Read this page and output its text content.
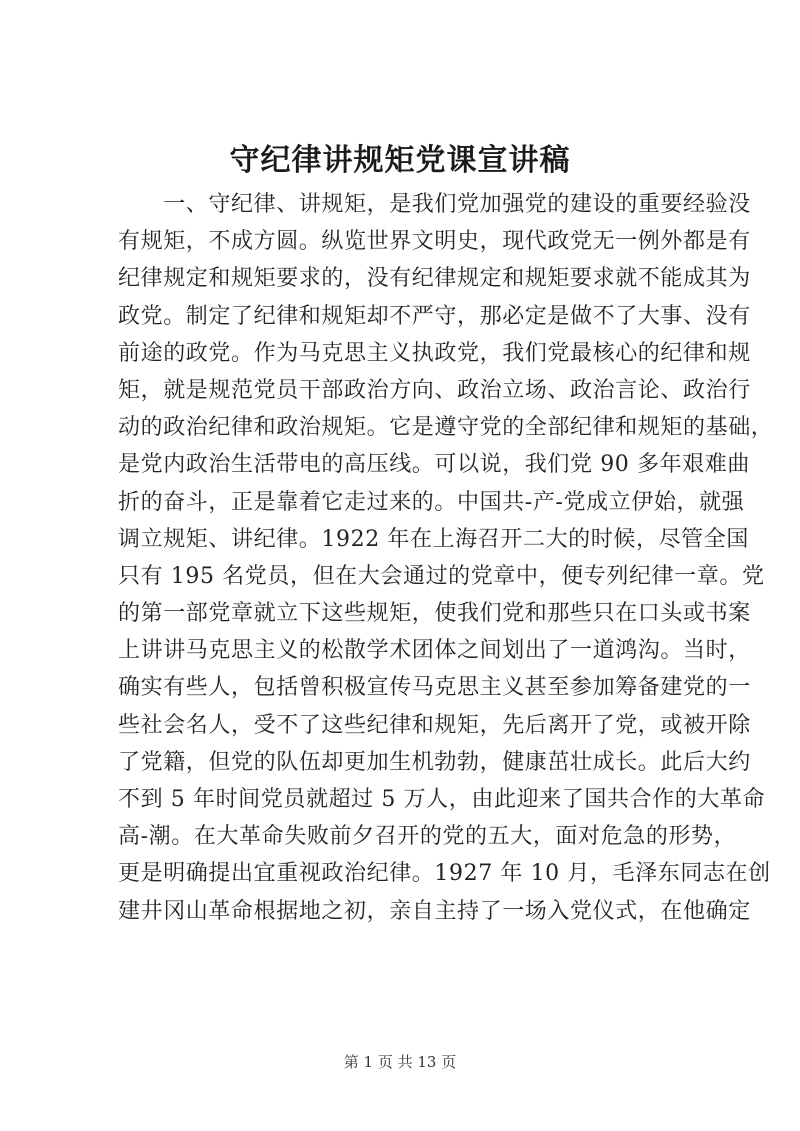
守纪律讲规矩党课宣讲稿
　　一、守纪律、讲规矩，是我们党加强党的建设的重要经验没
有规矩，不成方圆。纵览世界文明史，现代政党无一例外都是有
纪律规定和规矩要求的，没有纪律规定和规矩要求就不能成其为
政党。制定了纪律和规矩却不严守，那必定是做不了大事、没有
前途的政党。作为马克思主义执政党，我们党最核心的纪律和规
矩，就是规范党员干部政治方向、政治立场、政治言论、政治行
动的政治纪律和政治规矩。它是遵守党的全部纪律和规矩的基础，
是党内政治生活带电的高压线。可以说，我们党 90 多年艰难曲
折的奋斗，正是靠着它走过来的。中国共-产-党成立伊始，就强
调立规矩、讲纪律。1922 年在上海召开二大的时候，尽管全国
只有 195 名党员，但在大会通过的党章中，便专列纪律一章。党
的第一部党章就立下这些规矩，使我们党和那些只在口头或书案
上讲讲马克思主义的松散学术团体之间划出了一道鸿沟。当时，
确实有些人，包括曾积极宣传马克思主义甚至参加筹备建党的一
些社会名人，受不了这些纪律和规矩，先后离开了党，或被开除
了党籍，但党的队伍却更加生机勃勃，健康茁壮成长。此后大约
不到 5 年时间党员就超过 5 万人，由此迎来了国共合作的大革命
高-潮。在大革命失败前夕召开的党的五大，面对危急的形势，
更是明确提出宜重视政治纪律。1927 年 10 月，毛泽东同志在创
建井冈山革命根据地之初，亲自主持了一场入党仪式，在他确定
第 1 页 共 13 页
